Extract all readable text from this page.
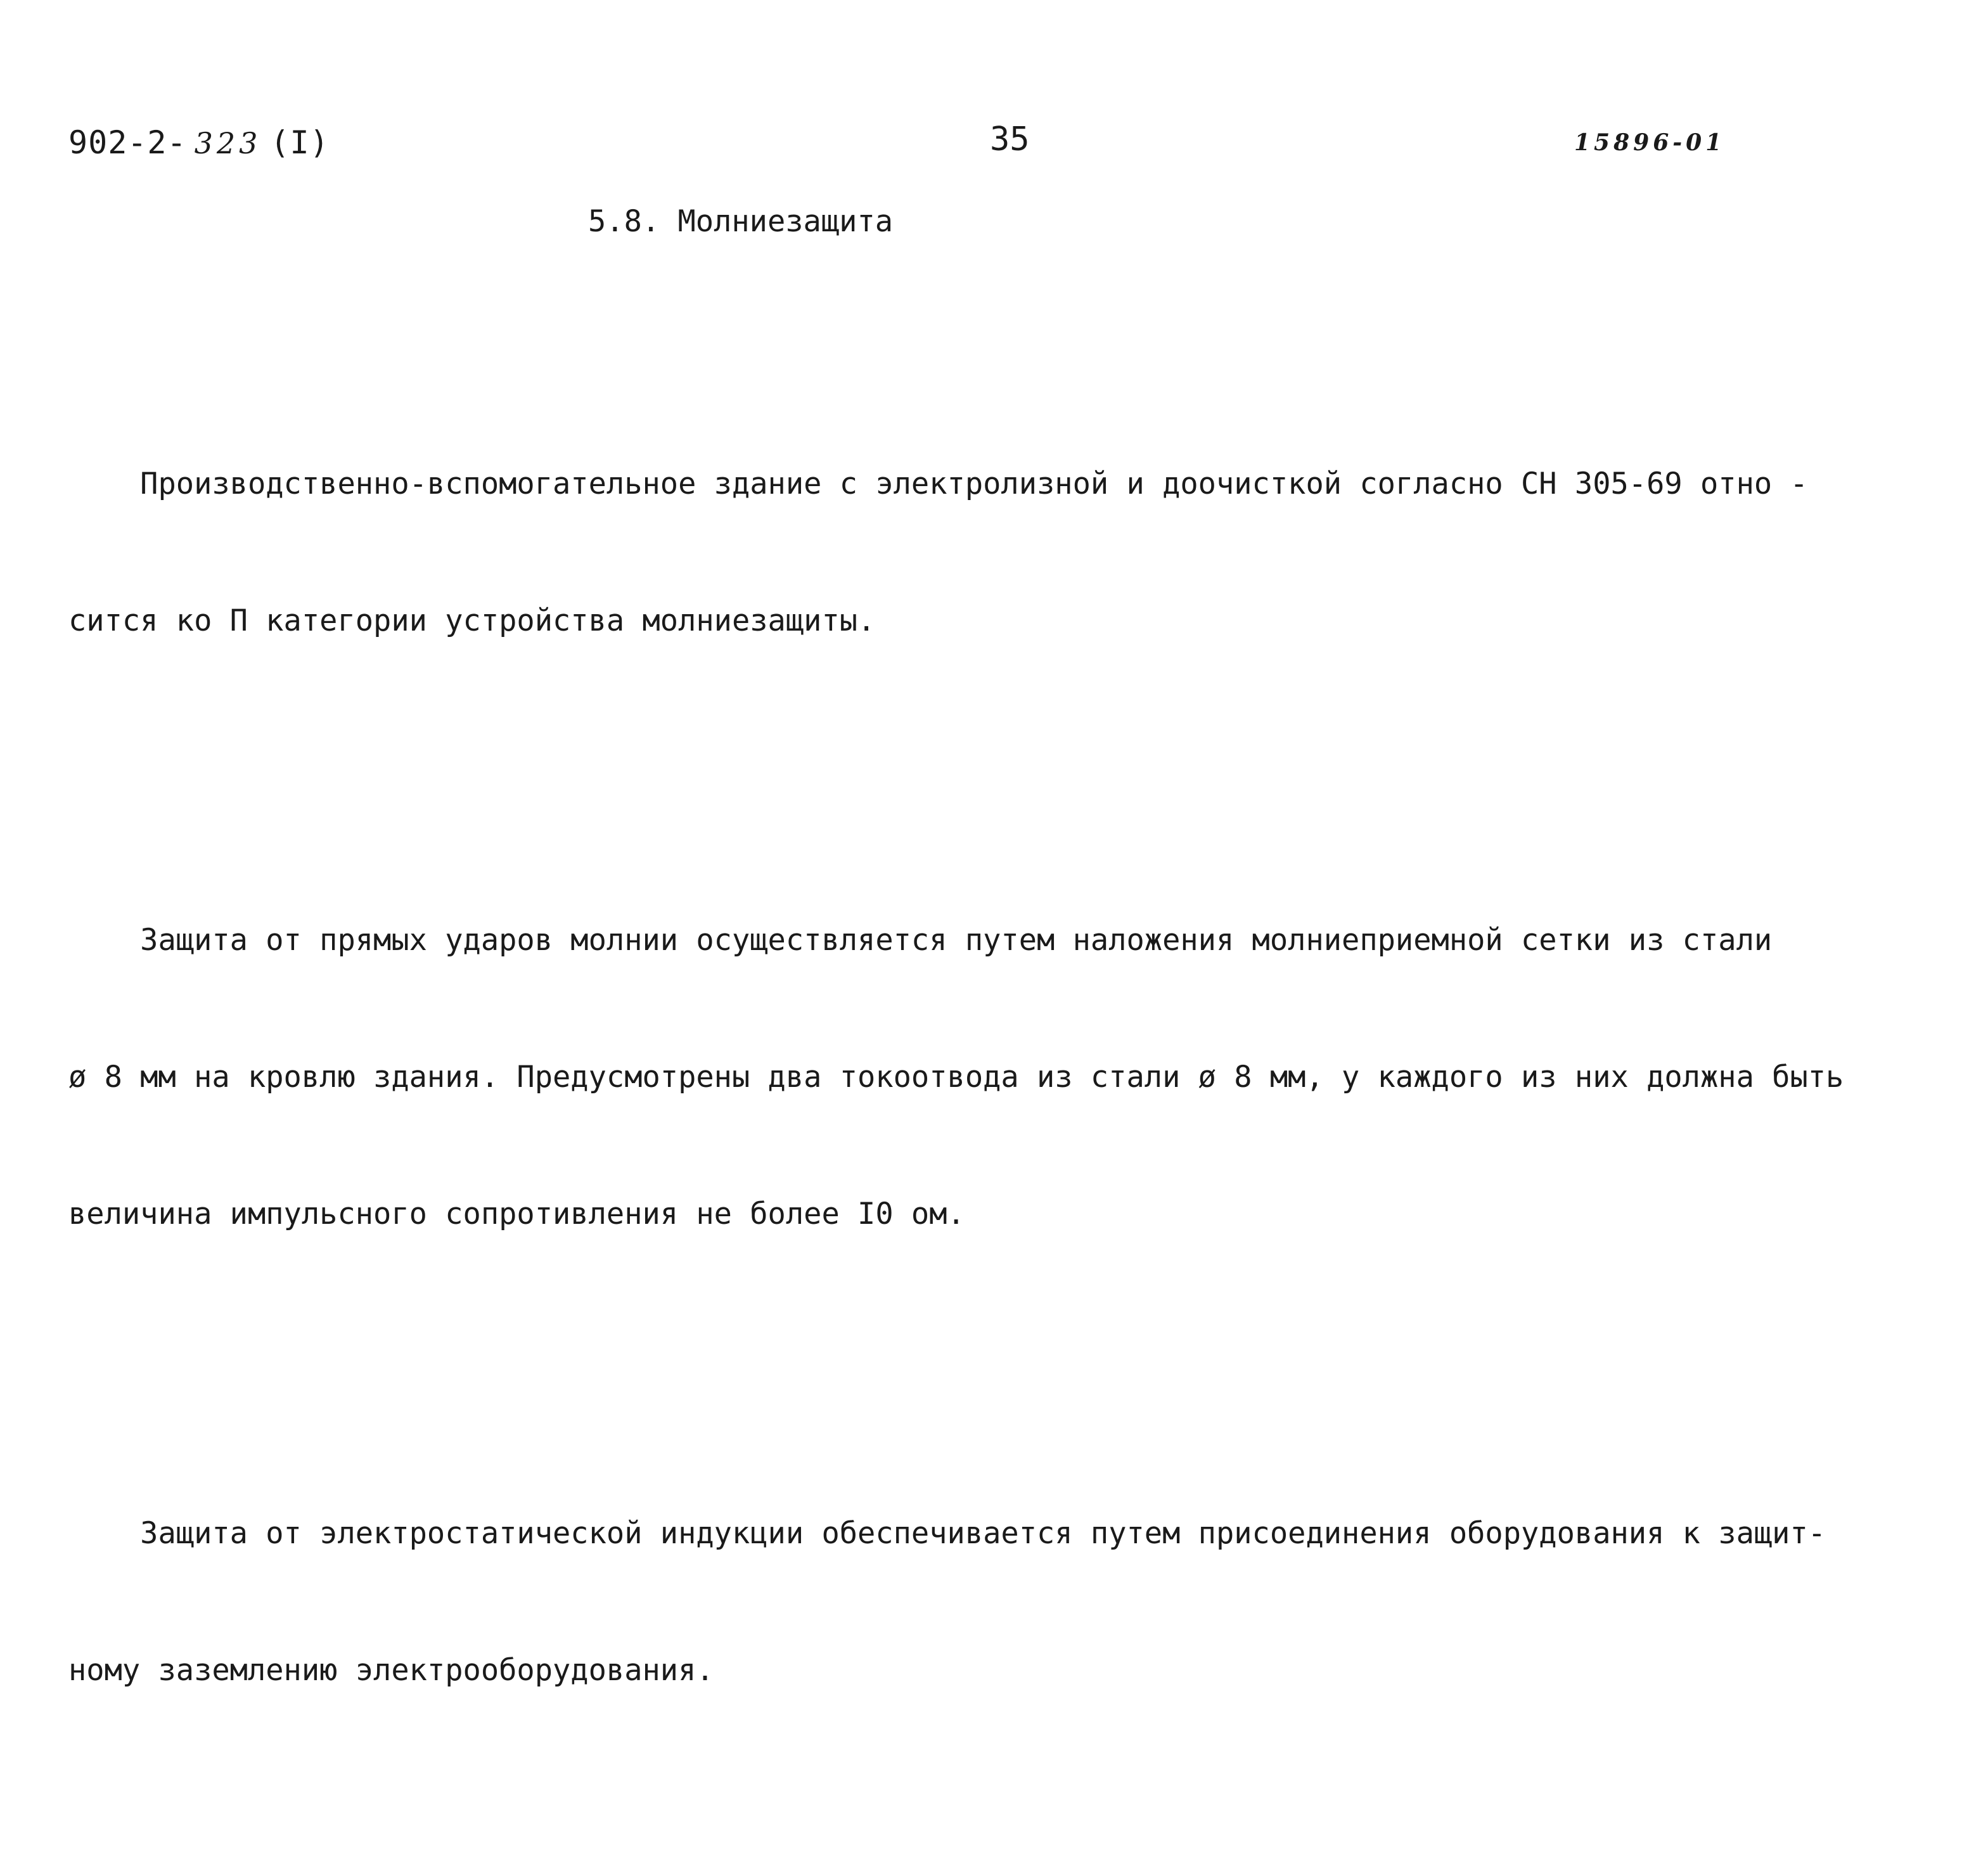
902-2- 323 (I)	35	15896-01
5.8. Молниезащита

Производственно-вспомогательное здание с электролизной и доочисткой согласно СН 305-69 отно -

сится ко П категории устройства молниезащиты.

Защита от прямых ударов молнии осуществляется путем наложения молниеприемной сетки из стали

ø 8 мм на кровлю здания. Предусмотрены два токоотвода из стали ø 8 мм, у каждого из них должна быть

величина импульсного сопротивления не более I0 ом.

Защита от электростатической индукции обеспечивается путем присоединения оборудования к защит-

ному заземлению электрооборудования.
